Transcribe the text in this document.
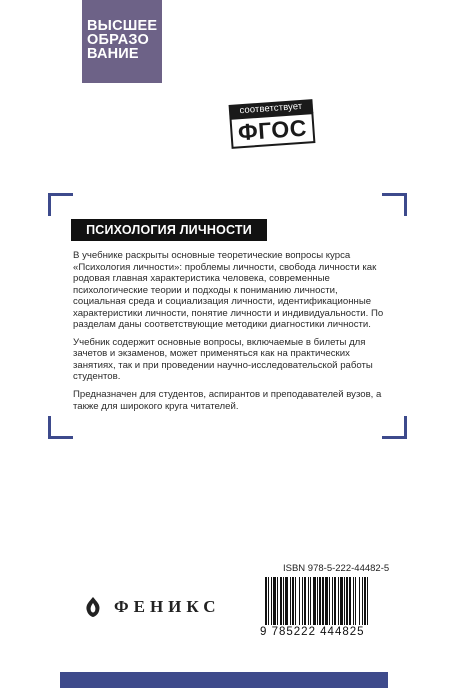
ВЫСШЕЕ
ОБРАЗО
ВАНИЕ
соответствует
ФГОС
ПСИХОЛОГИЯ ЛИЧНОСТИ
В учебнике раскрыты основные теоретические вопросы курса «Психология личности»: проблемы личности, свобода личности как родовая главная характеристика человека, современные психологические теории и подходы к пониманию личности, социальная среда и социализация личности, идентификационные характеристики личности, понятие личности и индивидуальности. По разделам даны соответствующие методики диагностики личности.
Учебник содержит основные вопросы, включаемые в билеты для зачетов и экзаменов, может применяться как на практических занятиях, так и при проведении научно-исследовательской работы студентов.
Предназначен для студентов, аспирантов и преподавателей вузов, а также для широкого круга читателей.
ФЕНИКС
ISBN 978-5-222-44482-5
9 785222 444825
